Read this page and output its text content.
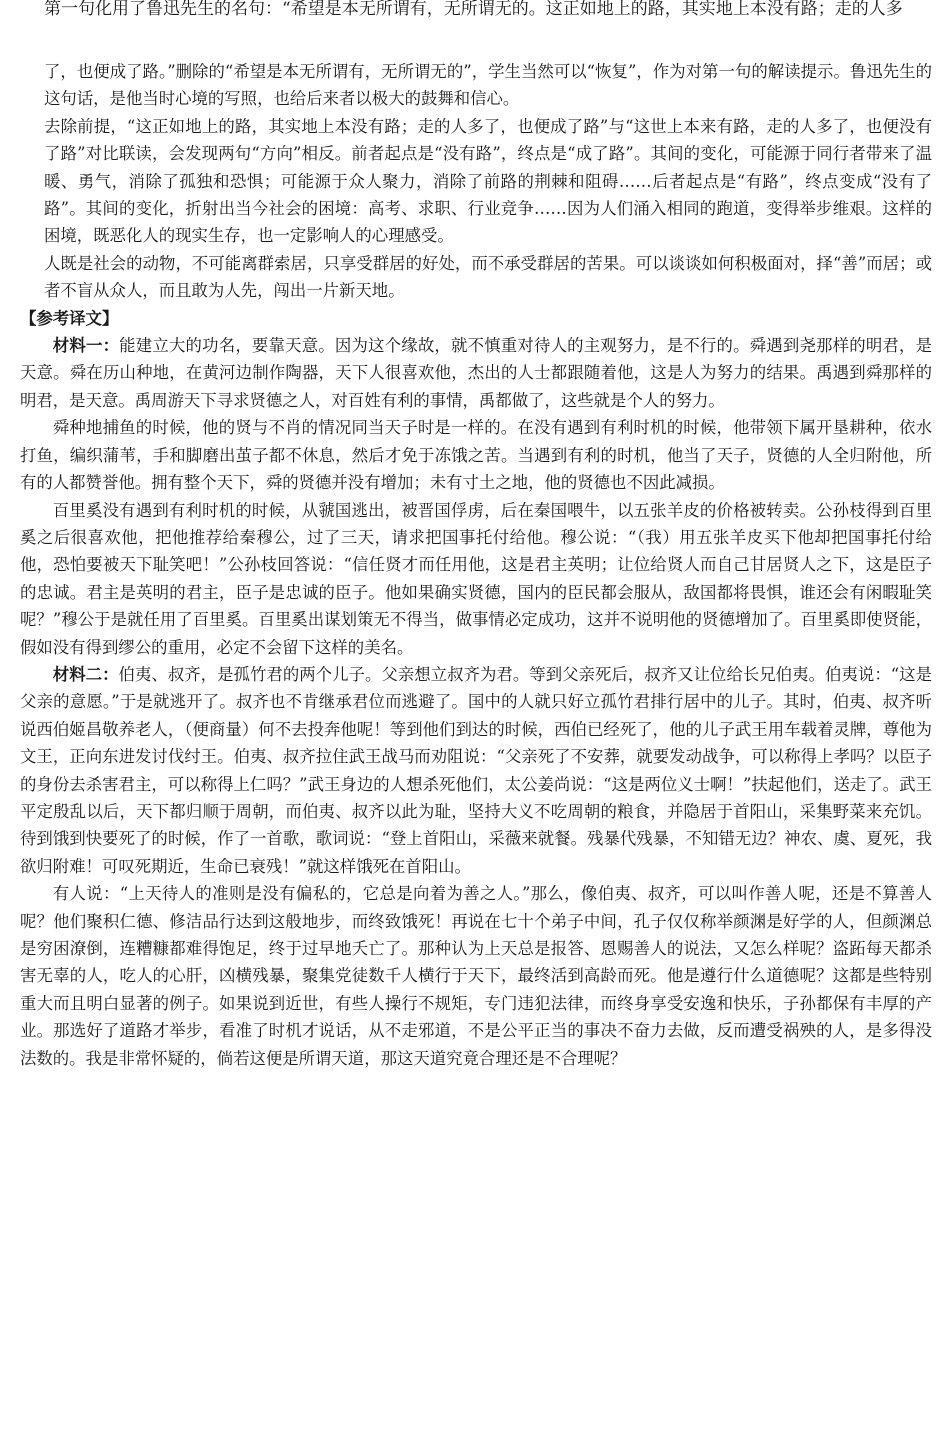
第一句化用了鲁迅先生的名句：“希望是本无所谓有，无所谓无的。这正如地上的路，其实地上本没有路；走的人多

了，也便成了路。”删除的“希望是本无所谓有，无所谓无的”，学生当然可以“恢复”，作为对第一句的解读提示。鲁迅先生的这句话，是他当时心境的写照，也给后来者以极大的鼓舞和信心。

去除前提，“这正如地上的路，其实地上本没有路；走的人多了，也便成了路”与“这世上本来有路，走的人多了，也便没有了路”对比联读，会发现两句“方向”相反。前者起点是“没有路”，终点是“成了路”。其间的变化，可能源于同行者带来了温暖、勇气，消除了孤独和恐惧；可能源于众人聚力，消除了前路的荆棘和阻碍……后者起点是“有路”，终点变成“没有了路”。其间的变化，折射出当今社会的困境：高考、求职、行业竞争……因为人们涌入相同的跑道，变得举步维艰。这样的困境，既恶化人的现实生存，也一定影响人的心理感受。

人既是社会的动物，不可能离群索居，只享受群居的好处，而不承受群居的苦果。可以谈谈如何积极面对，择“善”而居；或者不盲从众人，而且敢为人先，闯出一片新天地。

【参考译文】

材料一：能建立大的功名，要靠天意。因为这个缘故，就不慎重对待人的主观努力，是不行的。舜遇到尧那样的明君，是天意。舜在历山种地，在黄河边制作陶器，天下人很喜欢他，杰出的人士都跟随着他，这是人为努力的结果。禹遇到舜那样的明君，是天意。禹周游天下寻求贤德之人，对百姓有利的事情，禹都做了，这些就是个人的努力。

舜种地捕鱼的时候，他的贤与不肖的情况同当天子时是一样的。在没有遇到有利时机的时候，他带领下属开垦耕种，依水打鱼，编织蒲苇，手和脚磨出茧子都不休息，然后才免于冻饿之苦。当遇到有利的时机，他当了天子，贤德的人全归附他，所有的人都赞誉他。拥有整个天下，舜的贤德并没有增加；未有寸土之地，他的贤德也不因此减损。

百里奚没有遇到有利时机的时候，从虢国逃出，被晋国俘虏，后在秦国喂牛，以五张羊皮的价格被转卖。公孙枝得到百里奚之后很喜欢他，把他推荐给秦穆公，过了三天，请求把国事托付给他。穆公说：“（我）用五张羊皮买下他却把国事托付给他，恐怕要被天下耻笑吧！”公孙枝回答说：“信任贤才而任用他，这是君主英明；让位给贤人而自己甘居贤人之下，这是臣子的忠诚。君主是英明的君主，臣子是忠诚的臣子。他如果确实贤德，国内的臣民都会服从，敌国都将畏惧，谁还会有闲暇耻笑呢？”穆公于是就任用了百里奚。百里奚出谋划策无不得当，做事情必定成功，这并不说明他的贤德增加了。百里奚即使贤能，假如没有得到缪公的重用，必定不会留下这样的美名。

材料二：伯夷、叔齐，是孤竹君的两个儿子。父亲想立叔齐为君。等到父亲死后，叔齐又让位给长兄伯夷。伯夷说：“这是父亲的意愿。”于是就逃开了。叔齐也不肯继承君位而逃避了。国中的人就只好立孤竹君排行居中的儿子。其时，伯夷、叔齐听说西伯姬昌敬养老人，（便商量）何不去投奔他呢！等到他们到达的时候，西伯已经死了，他的儿子武王用车载着灵牌，尊他为文王，正向东进发讨伐纣王。伯夷、叔齐拉住武王战马而劝阻说：“父亲死了不安葬，就要发动战争，可以称得上孝吗？以臣子的身份去杀害君主，可以称得上仁吗？”武王身边的人想杀死他们，太公姜尚说：“这是两位义士啊！”扶起他们，送走了。武王平定殷乱以后，天下都归顺于周朝，而伯夷、叔齐以此为耻，坚持大义不吃周朝的粮食，并隐居于首阳山，采集野菜来充饥。待到饿到快要死了的时候，作了一首歌，歌词说：“登上首阳山，采薇来就餐。残暴代残暴，不知错无边？神农、虞、夏死，我欲归附难！可叹死期近，生命已衰残！”就这样饿死在首阳山。

有人说：“上天待人的准则是没有偏私的，它总是向着为善之人。”那么，像伯夷、叔齐，可以叫作善人呢，还是不算善人呢？他们聚积仁德、修洁品行达到这般地步，而终致饿死！再说在七十个弟子中间，孔子仅仅称举颜渊是好学的人，但颜渊总是穷困潦倒，连糟糠都难得饱足，终于过早地夭亡了。那种认为上天总是报答、恩赐善人的说法，又怎么样呢？盗跖每天都杀害无辜的人，吃人的心肝，凶横残暴，聚集党徒数千人横行于天下，最终活到高龄而死。他是遵行什么道德呢？这都是些特别重大而且明白显著的例子。如果说到近世，有些人操行不规矩，专门违犯法律，而终身享受安逸和快乐，子孙都保有丰厚的产业。那选好了道路才举步，看准了时机才说话，从不走邪道，不是公平正当的事决不奋力去做，反而遭受祸殃的人，是多得没法数的。我是非常怀疑的，倘若这便是所谓天道，那这天道究竟合理还是不合理呢？
